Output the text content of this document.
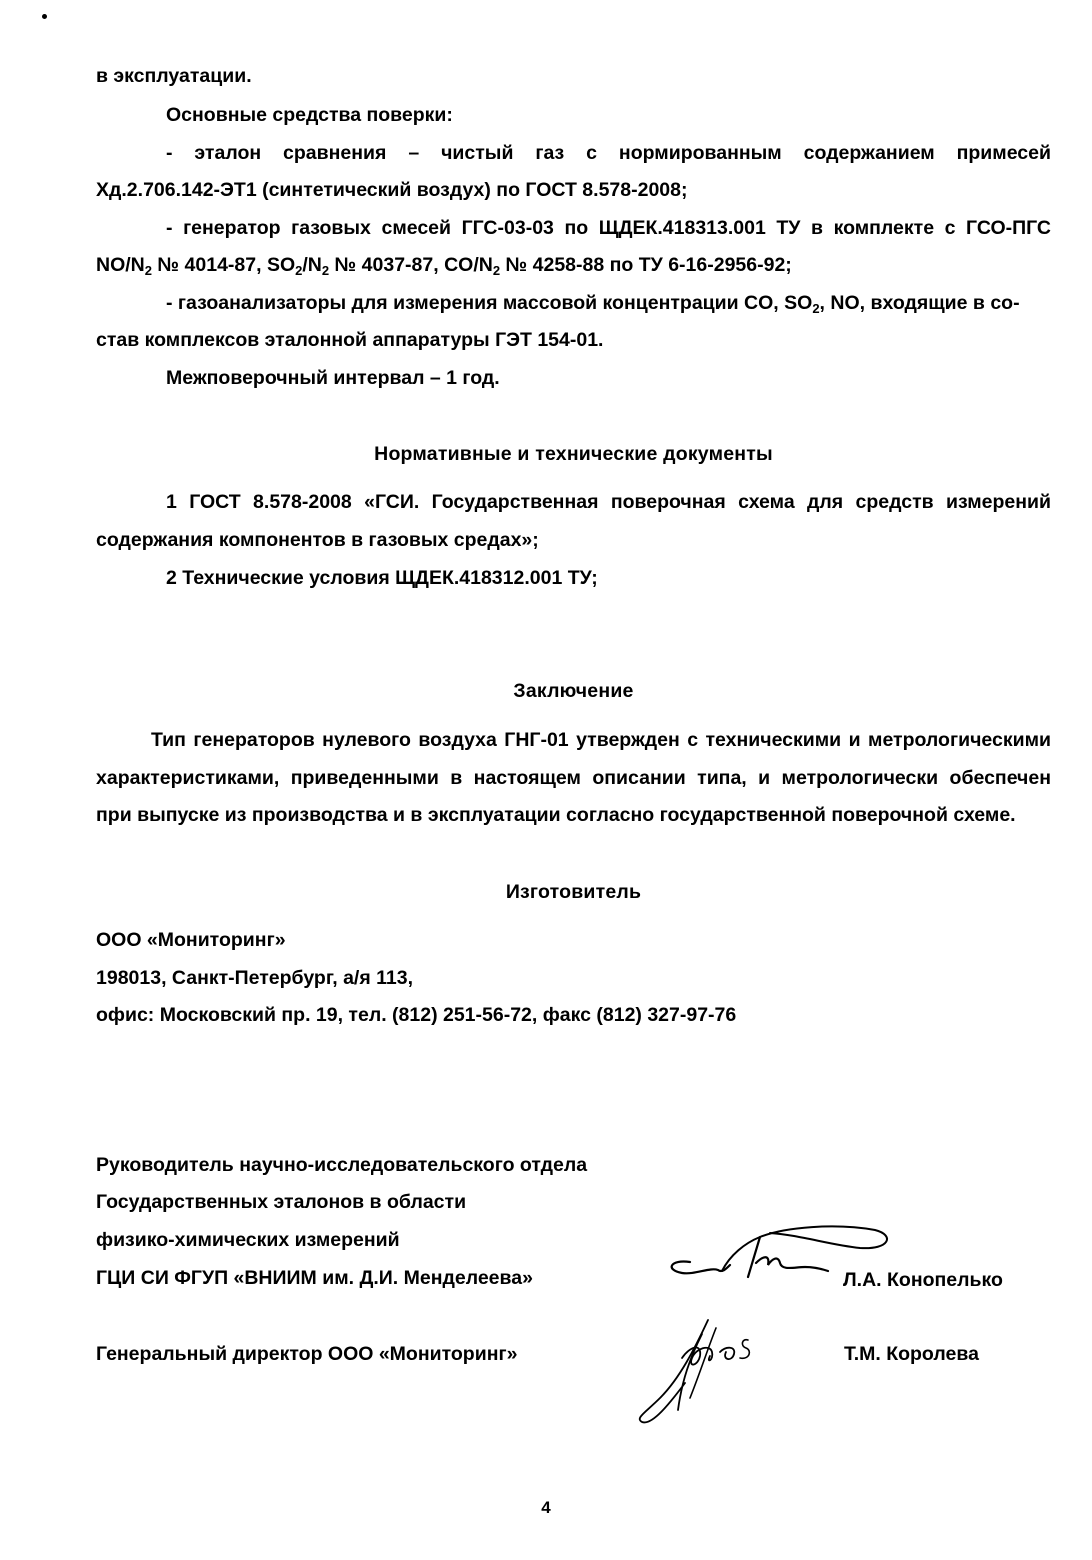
в эксплуатации.
Основные средства поверки:
- эталон сравнения – чистый газ с нормированным содержанием примесей
Хд.2.706.142-ЭТ1 (синтетический воздух) по ГОСТ 8.578-2008;
- генератор газовых смесей ГГС-03-03 по ЩДЕК.418313.001 ТУ в комплекте с ГСО-ПГС
$NO/N_2$ № 4014-87, $SO_2/N_2$ № 4037-87, $CO/N_2$ № 4258-88 по ТУ 6-16-2956-92;
- газоанализаторы для измерения массовой концентрации CO, $SO_2$, NO, входящие в со-
став комплексов эталонной аппаратуры ГЭТ 154-01.
Межповерочный интервал – 1 год.
Нормативные и технические документы
1 ГОСТ 8.578-2008 «ГСИ. Государственная поверочная схема для средств измерений
содержания компонентов в газовых средах»;
2 Технические условия ЩДЕК.418312.001 ТУ;
Заключение
Тип генераторов нулевого воздуха ГНГ-01 утвержден с техническими и метрологическими
характеристиками, приведенными в настоящем описании типа, и метрологически обеспечен
при выпуске из производства и в эксплуатации согласно государственной поверочной схеме.
Изготовитель
ООО «Мониторинг»
198013, Санкт-Петербург, а/я 113,
офис: Московский пр. 19, тел. (812) 251-56-72, факс (812) 327-97-76
Руководитель научно-исследовательского отдела
Государственных эталонов в области
физико-химических измерений
ГЦИ СИ ФГУП «ВНИИМ им. Д.И. Менделеева»	Л.А. Конопелько
Генеральный директор ООО «Мониторинг»	Т.М. Королева
4
